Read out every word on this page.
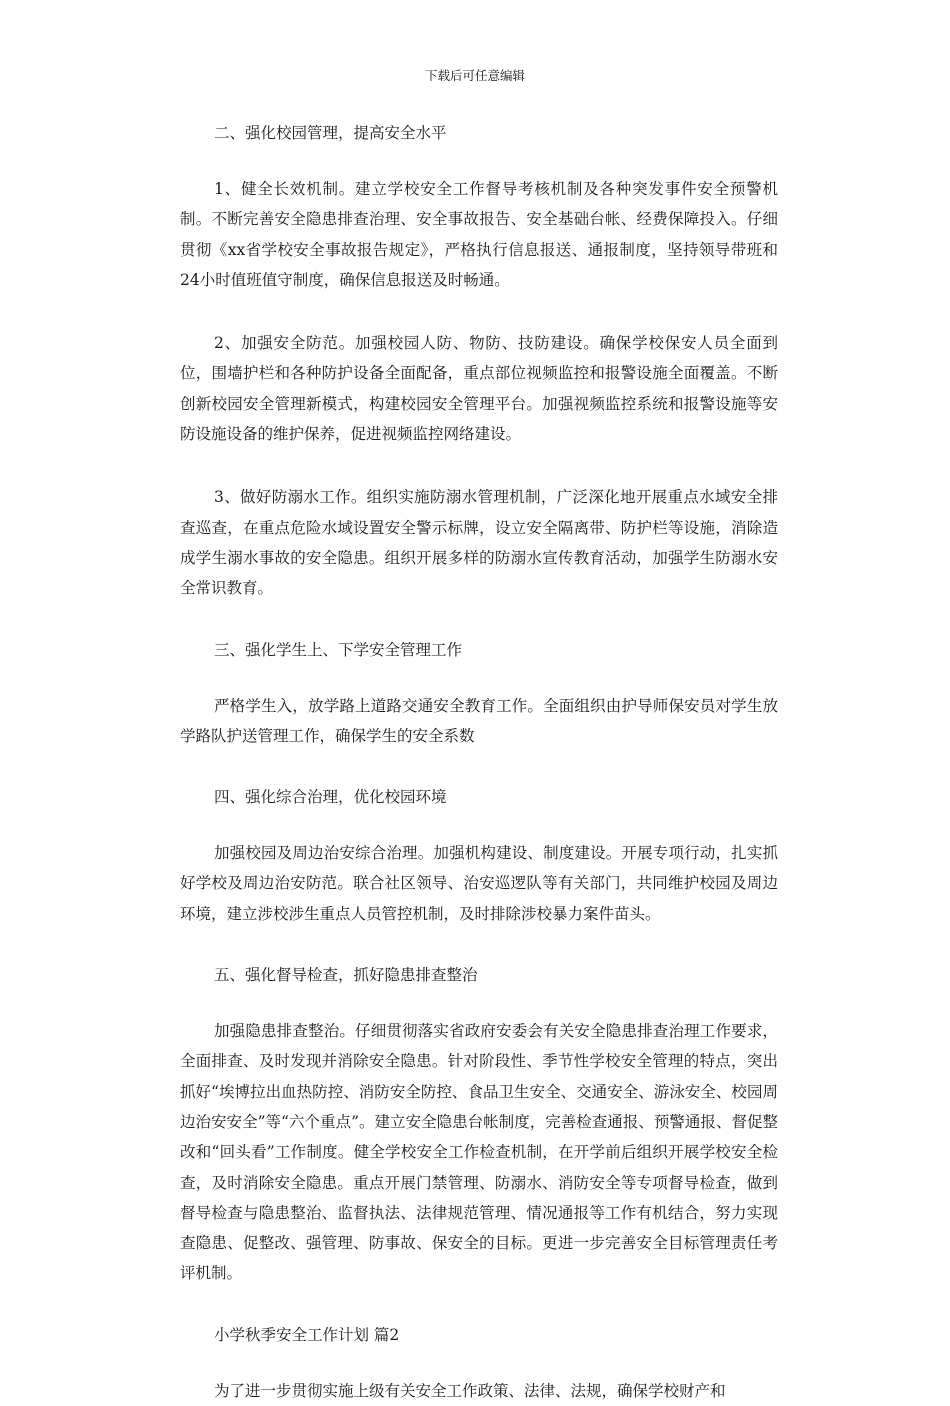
下载后可任意编辑

二、强化校园管理，提高安全水平

1、健全长效机制。建立学校安全工作督导考核机制及各种突发事件安全预警机制。不断完善安全隐患排查治理、安全事故报告、安全基础台帐、经费保障投入。仔细贯彻《xx省学校安全事故报告规定》，严格执行信息报送、通报制度，坚持领导带班和24小时值班值守制度，确保信息报送及时畅通。

2、加强安全防范。加强校园人防、物防、技防建设。确保学校保安人员全面到位，围墙护栏和各种防护设备全面配备，重点部位视频监控和报警设施全面覆盖。不断创新校园安全管理新模式，构建校园安全管理平台。加强视频监控系统和报警设施等安防设施设备的维护保养，促进视频监控网络建设。

3、做好防溺水工作。组织实施防溺水管理机制，广泛深化地开展重点水域安全排查巡查，在重点危险水域设置安全警示标牌，设立安全隔离带、防护栏等设施，消除造成学生溺水事故的安全隐患。组织开展多样的防溺水宣传教育活动，加强学生防溺水安全常识教育。

三、强化学生上、下学安全管理工作

严格学生入，放学路上道路交通安全教育工作。全面组织由护导师保安员对学生放学路队护送管理工作，确保学生的安全系数

四、强化综合治理，优化校园环境

加强校园及周边治安综合治理。加强机构建设、制度建设。开展专项行动，扎实抓好学校及周边治安防范。联合社区领导、治安巡逻队等有关部门，共同维护校园及周边环境，建立涉校涉生重点人员管控机制，及时排除涉校暴力案件苗头。

五、强化督导检查，抓好隐患排查整治

加强隐患排查整治。仔细贯彻落实省政府安委会有关安全隐患排查治理工作要求，全面排查、及时发现并消除安全隐患。针对阶段性、季节性学校安全管理的特点，突出抓好“埃博拉出血热防控、消防安全防控、食品卫生安全、交通安全、游泳安全、校园周边治安安全”等“六个重点”。建立安全隐患台帐制度，完善检查通报、预警通报、督促整改和“回头看”工作制度。健全学校安全工作检查机制，在开学前后组织开展学校安全检查，及时消除安全隐患。重点开展门禁管理、防溺水、消防安全等专项督导检查，做到督导检查与隐患整治、监督执法、法律规范管理、情况通报等工作有机结合，努力实现查隐患、促整改、强管理、防事故、保安全的目标。更进一步完善安全目标管理责任考评机制。

小学秋季安全工作计划 篇2

为了进一步贯彻实施上级有关安全工作政策、法律、法规，确保学校财产和
